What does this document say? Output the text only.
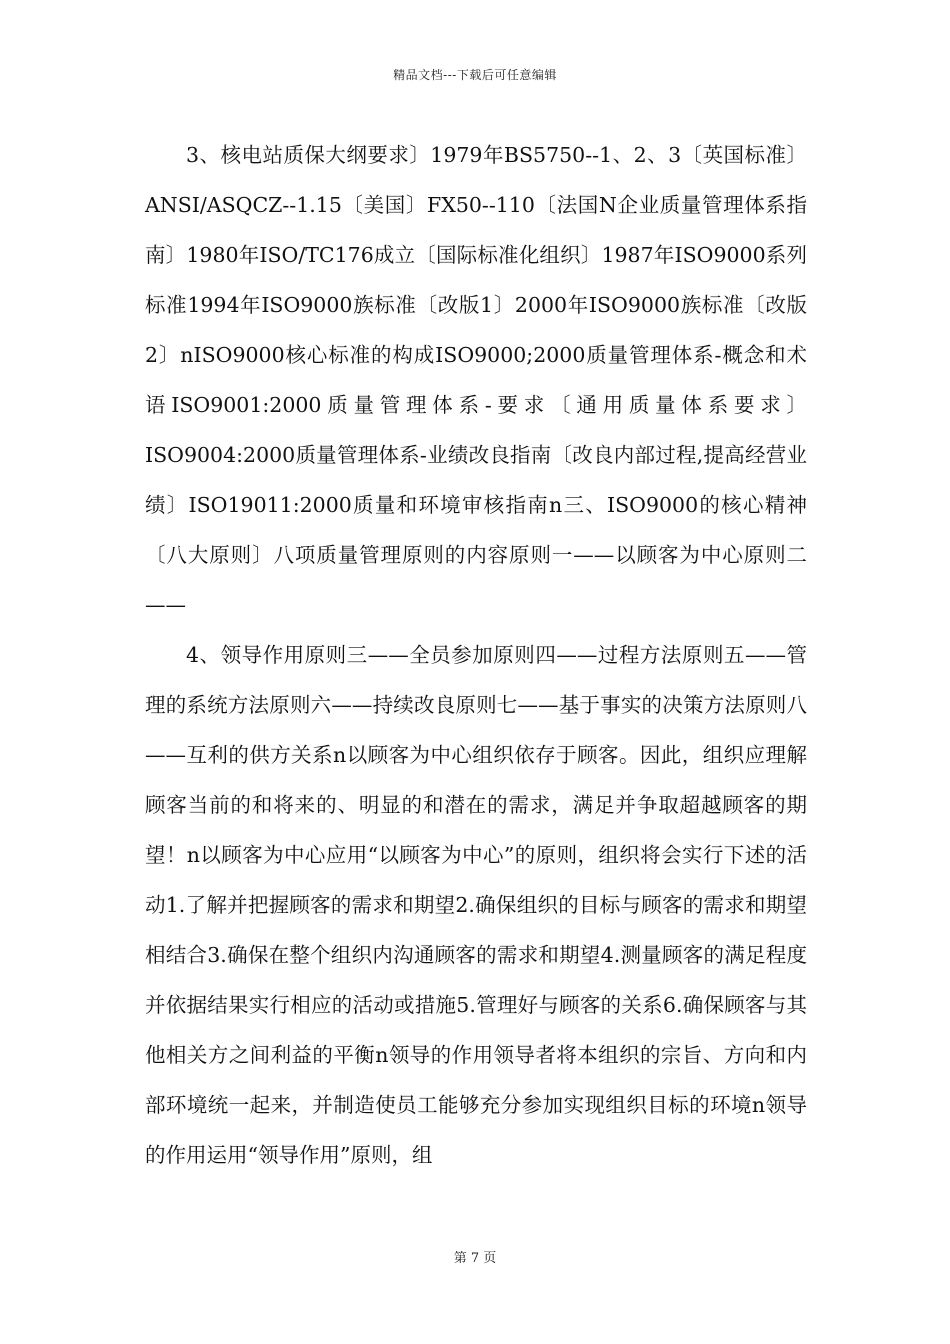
精品文档---下载后可任意编辑

3、核电站质保大纲要求〕1979年BS5750--1、2、3〔英国标准〕ANSI/ASQCZ--1.15〔美国〕FX50--110〔法国N企业质量管理体系指南〕1980年ISO/TC176成立〔国际标准化组织〕1987年ISO9000系列标准1994年ISO9000族标准〔改版1〕2000年ISO9000族标准〔改版2〕nISO9000核心标准的构成ISO9000;2000质量管理体系-概念和术语ISO9001:2000质量管理体系-要求〔通用质量体系要求〕ISO9004:2000质量管理体系-业绩改良指南〔改良内部过程,提高经营业绩〕ISO19011:2000质量和环境审核指南n三、ISO9000的核心精神〔八大原则〕八项质量管理原则的内容原则一——以顾客为中心原则二——

4、领导作用原则三——全员参加原则四——过程方法原则五——管理的系统方法原则六——持续改良原则七——基于事实的决策方法原则八——互利的供方关系n以顾客为中心组织依存于顾客。因此，组织应理解顾客当前的和将来的、明显的和潜在的需求，满足并争取超越顾客的期望！n以顾客为中心应用“以顾客为中心”的原则，组织将会实行下述的活动1.了解并把握顾客的需求和期望2.确保组织的目标与顾客的需求和期望相结合3.确保在整个组织内沟通顾客的需求和期望4.测量顾客的满足程度并依据结果实行相应的活动或措施5.管理好与顾客的关系6.确保顾客与其他相关方之间利益的平衡n领导的作用领导者将本组织的宗旨、方向和内部环境统一起来，并制造使员工能够充分参加实现组织目标的环境n领导的作用运用“领导作用”原则，组

第 7 页
